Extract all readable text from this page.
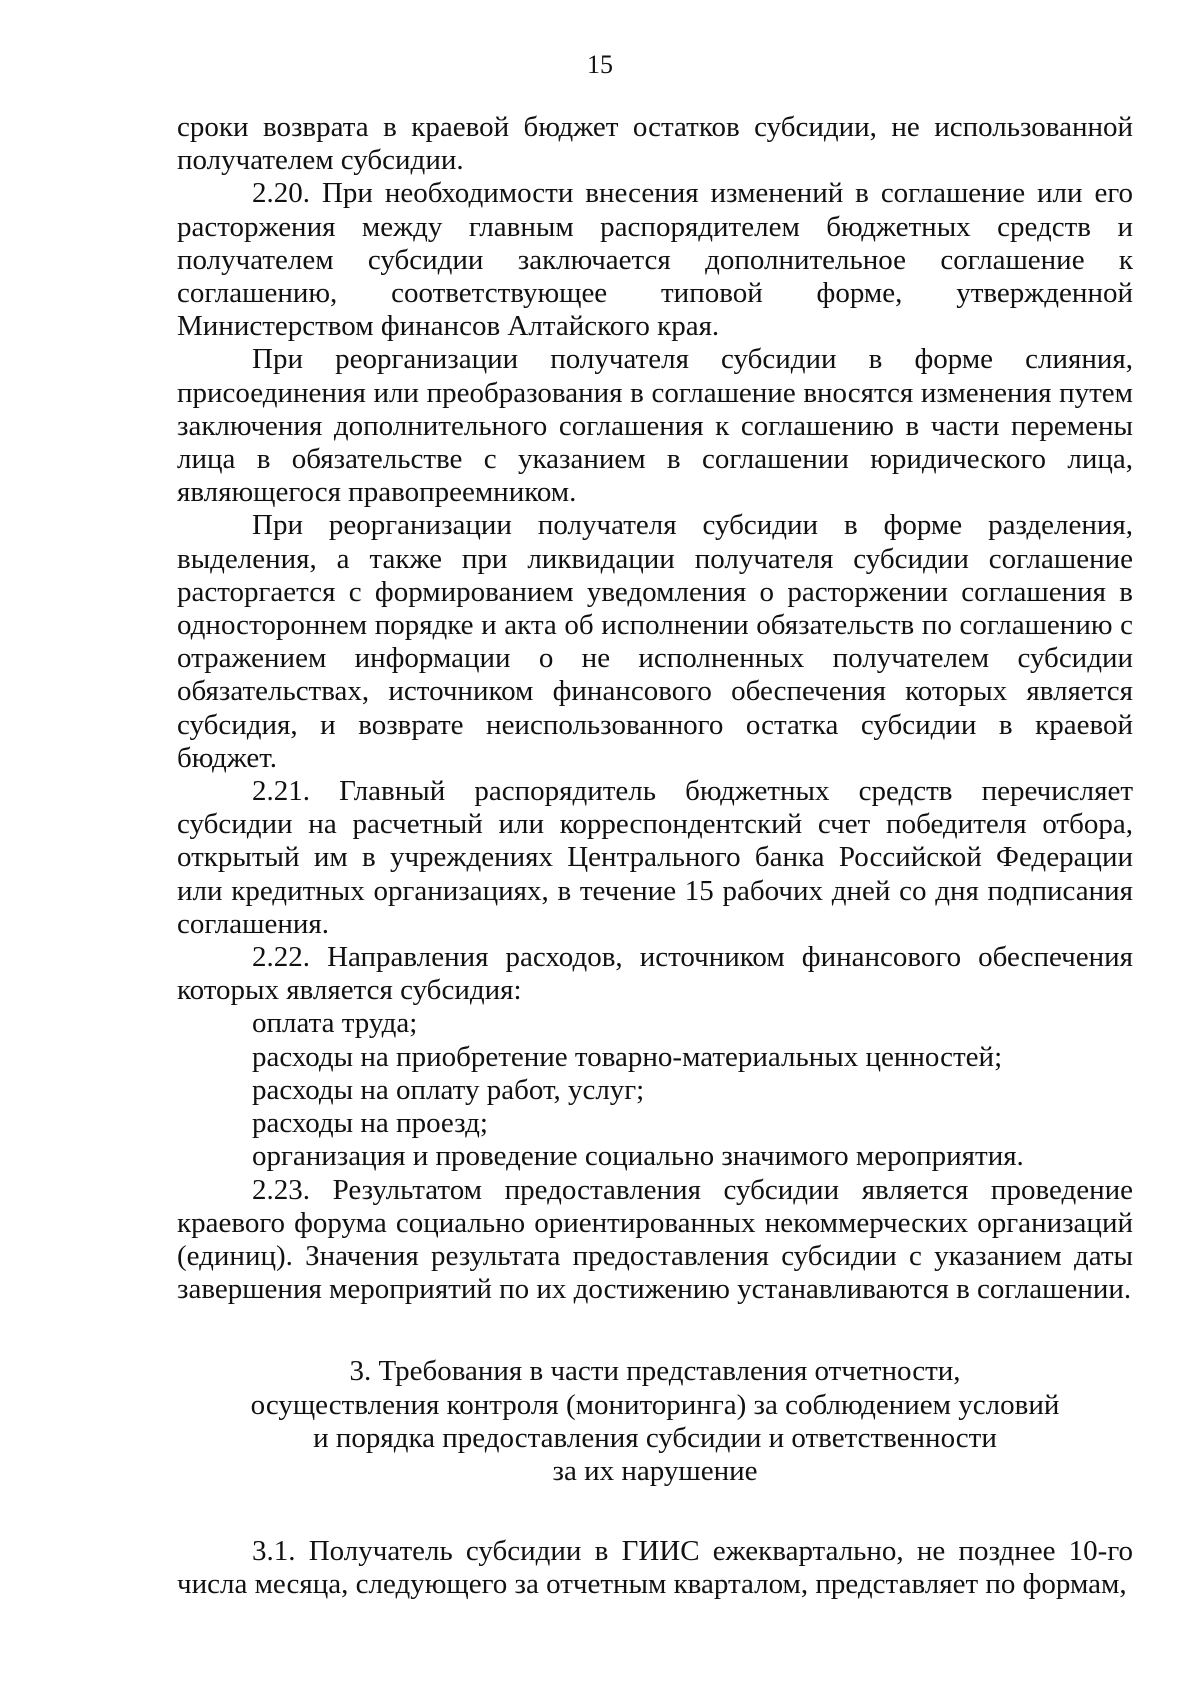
15

сроки возврата в краевой бюджет остатков субсидии, не использованной получателем субсидии.

2.20. При необходимости внесения изменений в соглашение или его расторжения между главным распорядителем бюджетных средств и получателем субсидии заключается дополнительное соглашение к соглашению, соответствующее типовой форме, утвержденной Министерством финансов Алтайского края.

При реорганизации получателя субсидии в форме слияния, присоединения или преобразования в соглашение вносятся изменения путем заключения дополнительного соглашения к соглашению в части перемены лица в обязательстве с указанием в соглашении юридического лица, являющегося правопреемником.

При реорганизации получателя субсидии в форме разделения, выделения, а также при ликвидации получателя субсидии соглашение расторгается с формированием уведомления о расторжении соглашения в одностороннем порядке и акта об исполнении обязательств по соглашению с отражением информации о не исполненных получателем субсидии обязательствах, источником финансового обеспечения которых является субсидия, и возврате неиспользованного остатка субсидии в краевой бюджет.

2.21. Главный распорядитель бюджетных средств перечисляет субсидии на расчетный или корреспондентский счет победителя отбора, открытый им в учреждениях Центрального банка Российской Федерации или кредитных организациях, в течение 15 рабочих дней со дня подписания соглашения.

2.22. Направления расходов, источником финансового обеспечения которых является субсидия:

оплата труда;

расходы на приобретение товарно-материальных ценностей;

расходы на оплату работ, услуг;

расходы на проезд;

организация и проведение социально значимого мероприятия.

2.23. Результатом предоставления субсидии является проведение краевого форума социально ориентированных некоммерческих организаций (единиц). Значения результата предоставления субсидии с указанием даты завершения мероприятий по их достижению устанавливаются в соглашении.

3. Требования в части представления отчетности,
осуществления контроля (мониторинга) за соблюдением условий
и порядка предоставления субсидии и ответственности
за их нарушение

3.1. Получатель субсидии в ГИИС ежеквартально, не позднее 10-го числа месяца, следующего за отчетным кварталом, представляет по формам,
